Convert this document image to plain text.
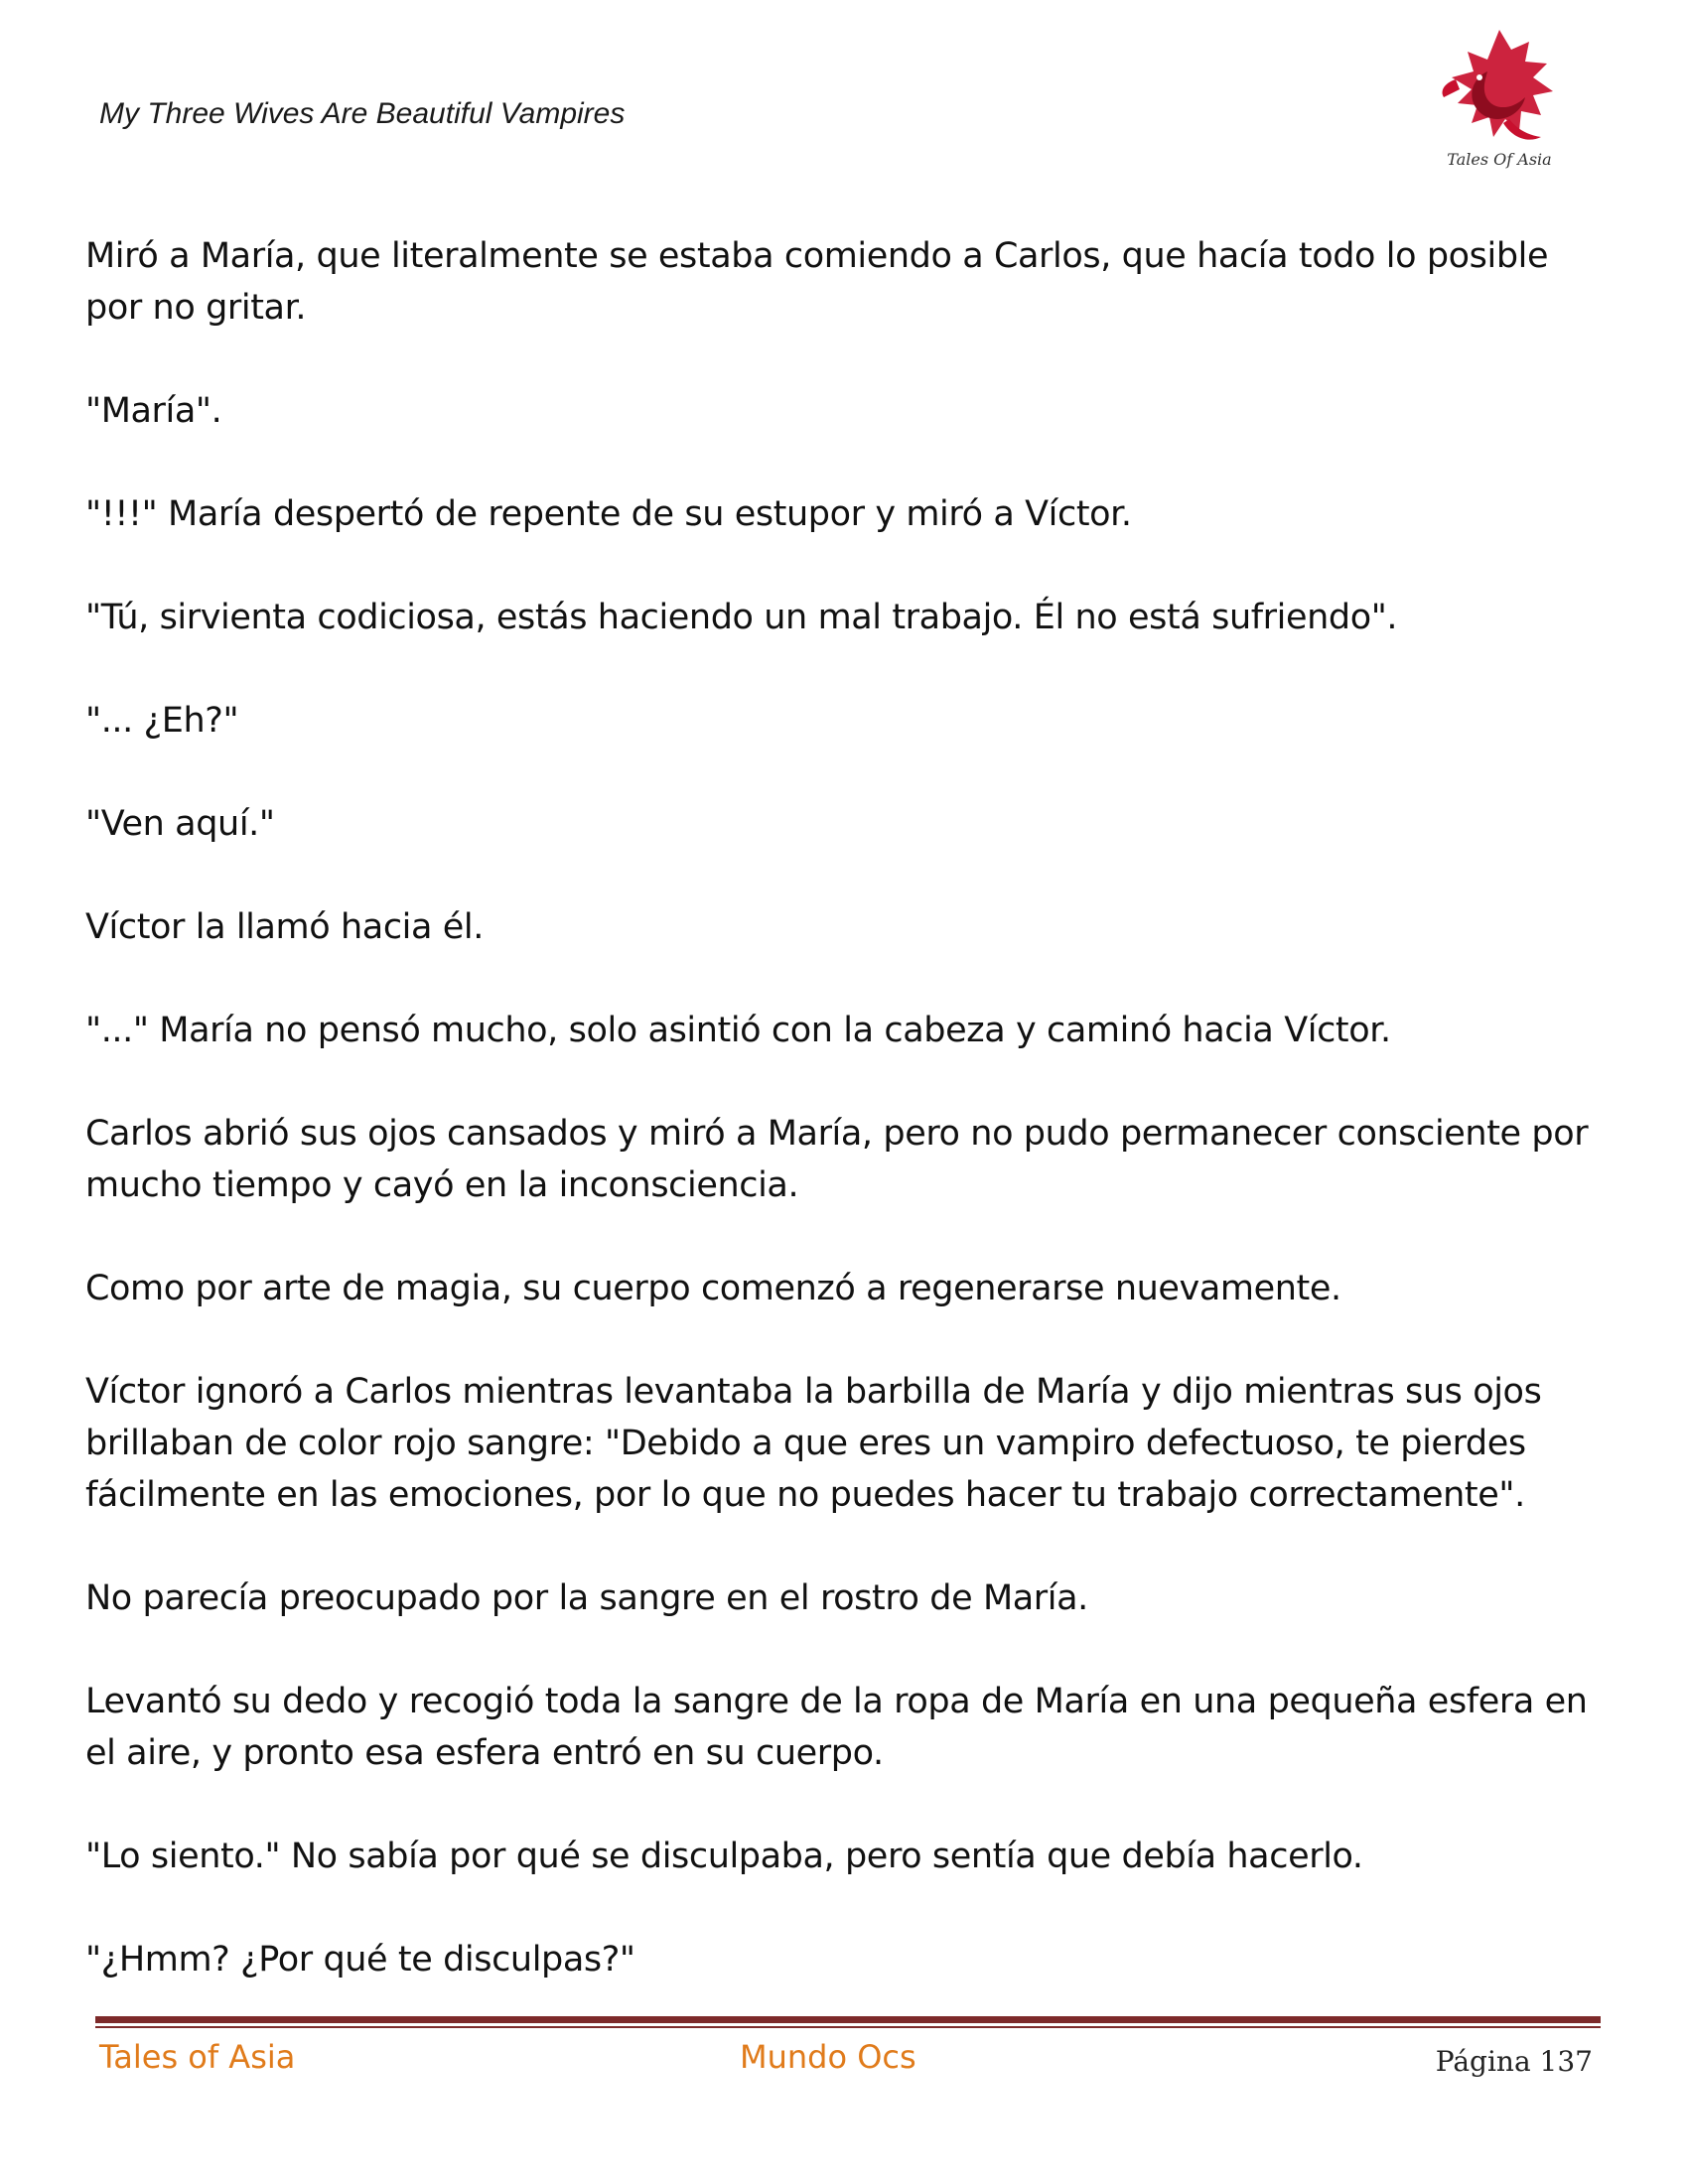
My Three Wives Are Beautiful Vampires
Tales Of Asia

Miró a María, que literalmente se estaba comiendo a Carlos, que hacía todo lo posible por no gritar.

"María".

"!!!" María despertó de repente de su estupor y miró a Víctor.

"Tú, sirvienta codiciosa, estás haciendo un mal trabajo. Él no está sufriendo".

"... ¿Eh?"

"Ven aquí."

Víctor la llamó hacia él.

"..." María no pensó mucho, solo asintió con la cabeza y caminó hacia Víctor.

Carlos abrió sus ojos cansados y miró a María, pero no pudo permanecer consciente por mucho tiempo y cayó en la inconsciencia.

Como por arte de magia, su cuerpo comenzó a regenerarse nuevamente.

Víctor ignoró a Carlos mientras levantaba la barbilla de María y dijo mientras sus ojos brillaban de color rojo sangre: "Debido a que eres un vampiro defectuoso, te pierdes fácilmente en las emociones, por lo que no puedes hacer tu trabajo correctamente".

No parecía preocupado por la sangre en el rostro de María.

Levantó su dedo y recogió toda la sangre de la ropa de María en una pequeña esfera en el aire, y pronto esa esfera entró en su cuerpo.

"Lo siento." No sabía por qué se disculpaba, pero sentía que debía hacerlo.

"¿Hmm? ¿Por qué te disculpas?"

Tales of Asia	Mundo Ocs	Página 137
